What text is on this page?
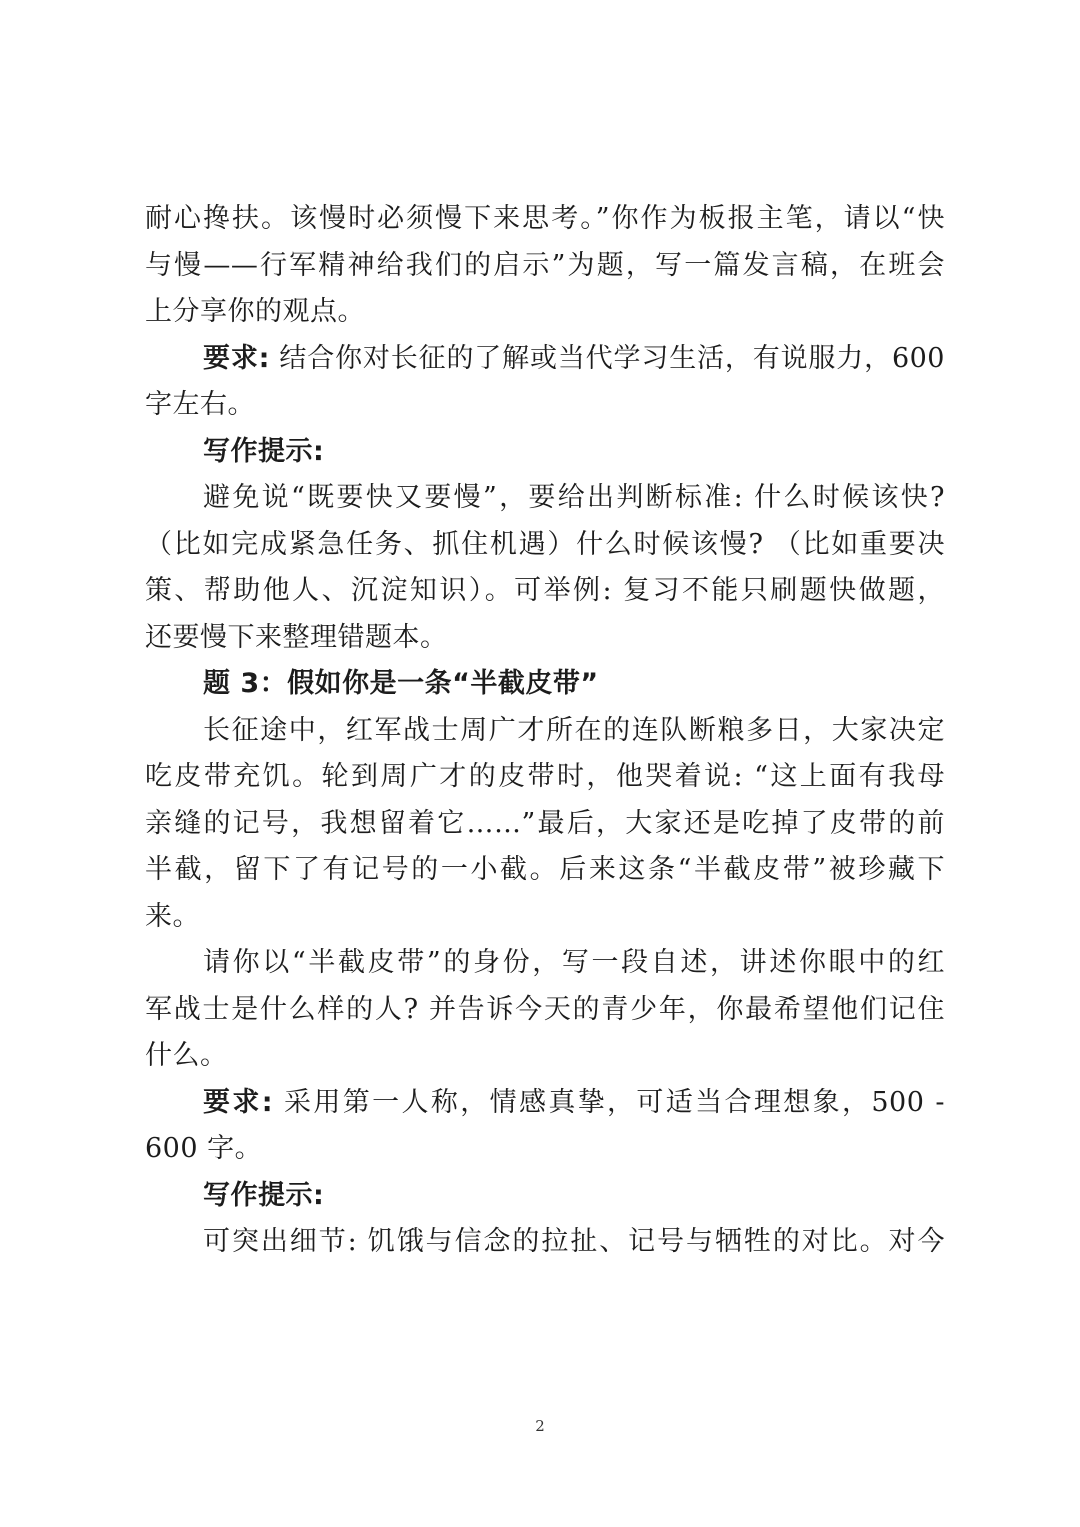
耐心搀扶。该慢时必须慢下来思考。”你作为板报主笔，请以“快
与慢——行军精神给我们的启示”为题，写一篇发言稿，在班会
上分享你的观点。
要求: 结合你对长征的了解或当代学习生活，有说服力，600
字左右。
写作提示:
避免说“既要快又要慢”，要给出判断标准: 什么时候该快?
（比如完成紧急任务、抓住机遇）什么时候该慢? （比如重要决
策、帮助他人、沉淀知识）。可举例: 复习不能只刷题快做题，
还要慢下来整理错题本。
题 3：假如你是一条“半截皮带”
长征途中，红军战士周广才所在的连队断粮多日，大家决定
吃皮带充饥。轮到周广才的皮带时，他哭着说: “这上面有我母
亲缝的记号，我想留着它……”最后，大家还是吃掉了皮带的前
半截，留下了有记号的一小截。后来这条“半截皮带”被珍藏下
来。
请你以“半截皮带”的身份，写一段自述，讲述你眼中的红
军战士是什么样的人? 并告诉今天的青少年，你最希望他们记住
什么。
要求: 采用第一人称，情感真挚，可适当合理想象，500 -
600 字。
写作提示:
可突出细节: 饥饿与信念的拉扯、记号与牺牲的对比。对今
2
